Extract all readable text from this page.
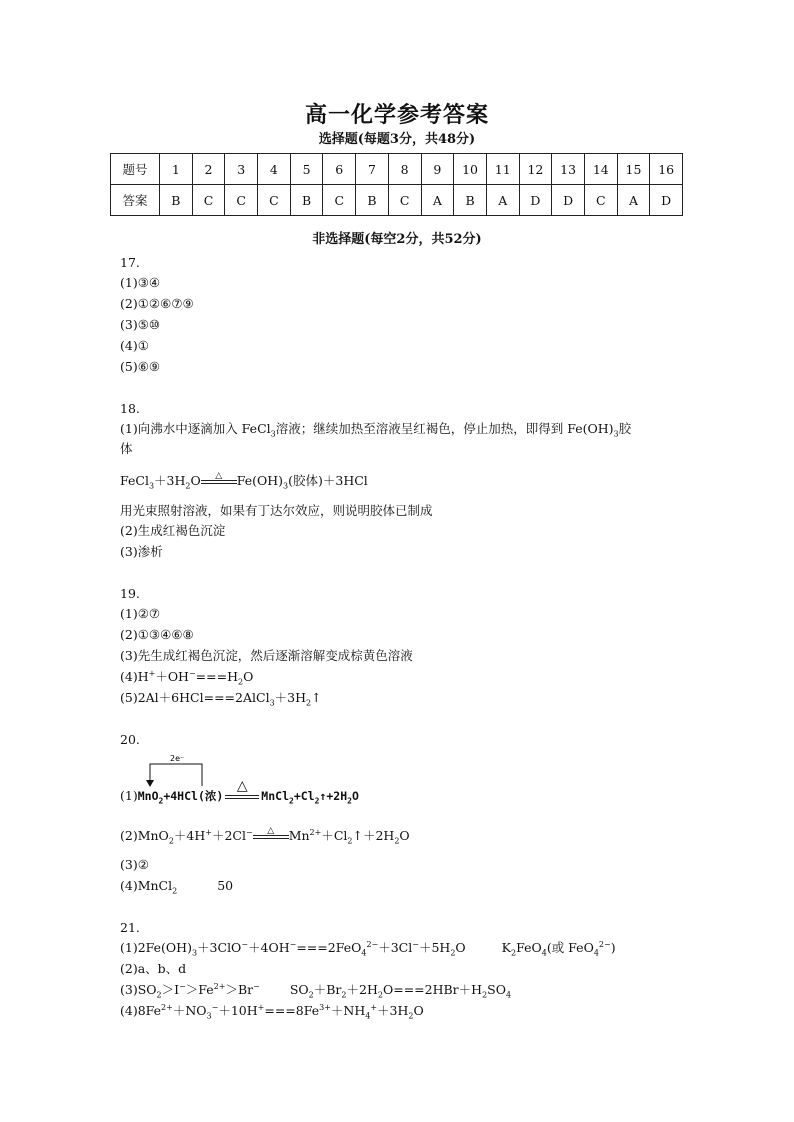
高一化学参考答案
选择题(每题3分，共48分)
题号	1	2	3	4	5	6	7	8	9	10	11	12	13	14	15	16
答案	B	C	C	C	B	C	B	C	A	B	A	D	D	C	A	D
非选择题(每空2分，共52分)
17.
(1)③④
(2)①②⑥⑦⑨
(3)⑤⑩
(4)①
(5)⑥⑨
18.
(1)向沸水中逐滴加入 FeCl$_3$溶液；继续加热至溶液呈红褐色，停止加热，即得到 $Fe(OH)_3$胶
体
$FeCl_3+3H_2O$	△	$Fe(OH)_3$(胶体)＋3HCl
用光束照射溶液，如果有丁达尔效应，则说明胶体已制成
(2)生成红褐色沉淀
(3)渗析
19.
(1)②⑦
(2)①③④⑥⑧
(3)先生成红褐色沉淀，然后逐渐溶解变成棕黄色溶液
$(4)H^++OH^-===H_2O$
$(5)2Al+6HCl===2AlCl_3+3H_2↑$
20.
2e⁻
(1)MnO$_2$+4HCl(浓)
△
$MnCl_2+Cl_2↑+2H_2O$
(2)MnO$_2$＋4H+＋2Cl−	△	$Mn^{2+}+Cl_2↑+2H_2O$
(3)②
(4)MnCl$_2$	50
21.
$(1)2Fe(OH)_3+3ClO^-+4OH^-===2FeO_4^{2-}+3Cl^-+5H_2O$	$K_2FeO_4$(或 FeO$_4^{2-}$)
(2)a、b、d
$(3)SO_2>I^->Fe^{2+}>Br^-$ $SO_2+Br_2+2H_2O===2HBr+H_2SO_4$
$(4)8Fe^{2+}+NO_3^-+10H^+===8Fe^{3+}+NH_4^++3H_2O$
